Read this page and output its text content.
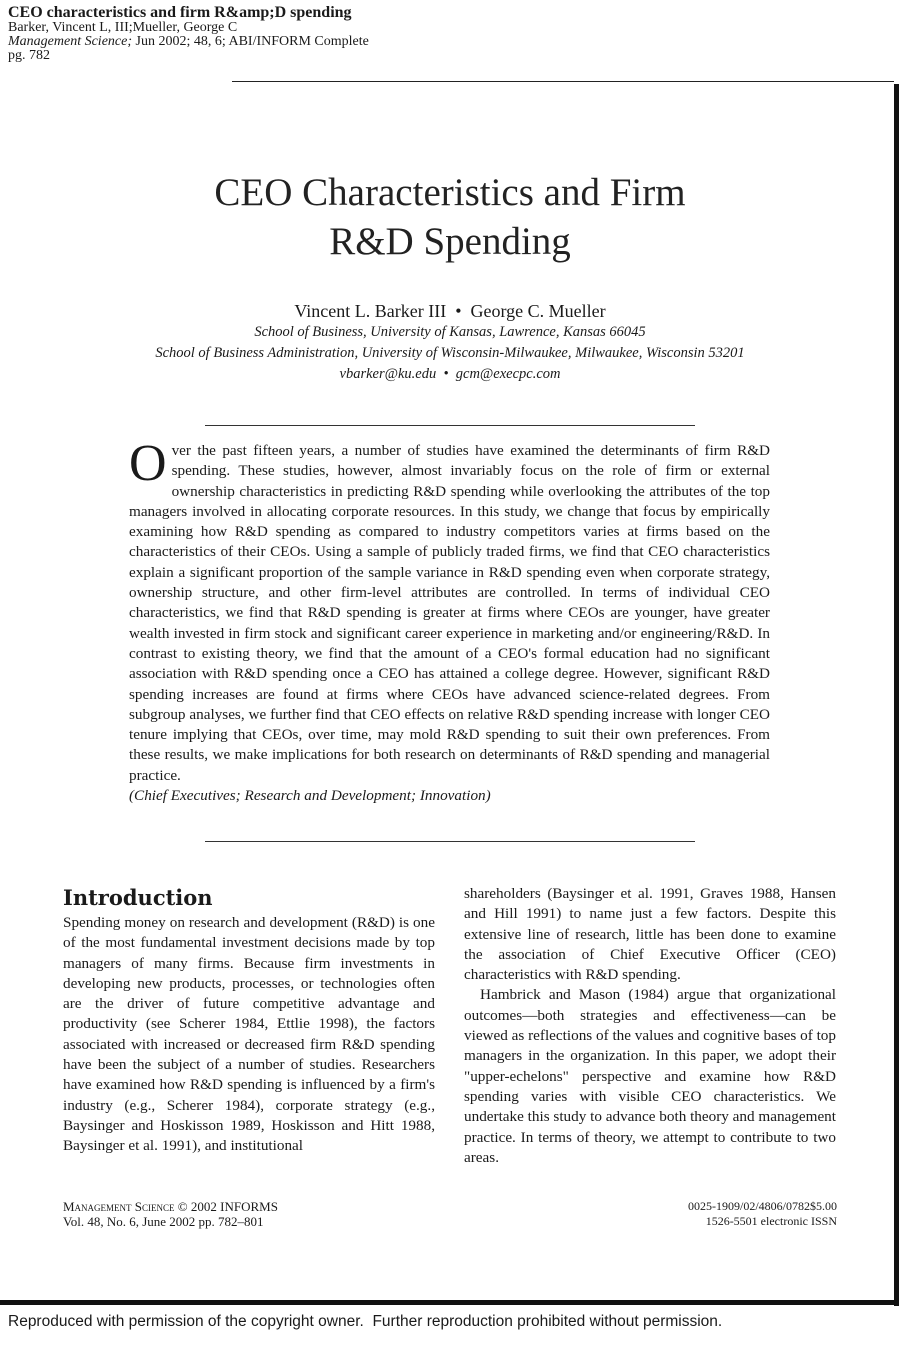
CEO characteristics and firm R&amp;D spending
Barker, Vincent L, III;Mueller, George C
Management Science; Jun 2002; 48, 6; ABI/INFORM Complete
pg. 782
CEO Characteristics and Firm
R&D Spending
Vincent L. Barker III  •  George C. Mueller
School of Business, University of Kansas, Lawrence, Kansas 66045
School of Business Administration, University of Wisconsin-Milwaukee, Milwaukee, Wisconsin 53201
vbarker@ku.edu  •  gcm@execpc.com
Over the past fifteen years, a number of studies have examined the determinants of firm R&D spending. These studies, however, almost invariably focus on the role of firm or external ownership characteristics in predicting R&D spending while overlooking the attributes of the top managers involved in allocating corporate resources. In this study, we change that focus by empirically examining how R&D spending as compared to industry competitors varies at firms based on the characteristics of their CEOs. Using a sample of publicly traded firms, we find that CEO characteristics explain a significant proportion of the sample variance in R&D spending even when corporate strategy, ownership structure, and other firm-level attributes are controlled. In terms of individual CEO characteristics, we find that R&D spending is greater at firms where CEOs are younger, have greater wealth invested in firm stock and significant career experience in marketing and/or engineering/R&D. In contrast to existing theory, we find that the amount of a CEO's formal education had no significant association with R&D spending once a CEO has attained a college degree. However, significant R&D spending increases are found at firms where CEOs have advanced science-related degrees. From subgroup analyses, we further find that CEO effects on relative R&D spending increase with longer CEO tenure implying that CEOs, over time, may mold R&D spending to suit their own preferences. From these results, we make implications for both research on determinants of R&D spending and managerial practice.
(Chief Executives; Research and Development; Innovation)
Introduction

Spending money on research and development (R&D) is one of the most fundamental investment decisions made by top managers of many firms. Because firm investments in developing new products, processes, or technologies often are the driver of future competitive advantage and productivity (see Scherer 1984, Ettlie 1998), the factors associated with increased or decreased firm R&D spending have been the subject of a number of studies. Researchers have examined how R&D spending is influenced by a firm's industry (e.g., Scherer 1984), corporate strategy (e.g., Baysinger and Hoskisson 1989, Hoskisson and Hitt 1988, Baysinger et al. 1991), and institutional

shareholders (Baysinger et al. 1991, Graves 1988, Hansen and Hill 1991) to name just a few factors. Despite this extensive line of research, little has been done to examine the association of Chief Executive Officer (CEO) characteristics with R&D spending.

Hambrick and Mason (1984) argue that organizational outcomes—both strategies and effectiveness—can be viewed as reflections of the values and cognitive bases of top managers in the organization. In this paper, we adopt their "upper-echelons" perspective and examine how R&D spending varies with visible CEO characteristics. We undertake this study to advance both theory and management practice. In terms of theory, we attempt to contribute to two areas.

Management Science © 2002 INFORMS
Vol. 48, No. 6, June 2002 pp. 782–801
0025-1909/02/4806/0782$5.00
1526-5501 electronic ISSN
Reproduced with permission of the copyright owner.  Further reproduction prohibited without permission.
